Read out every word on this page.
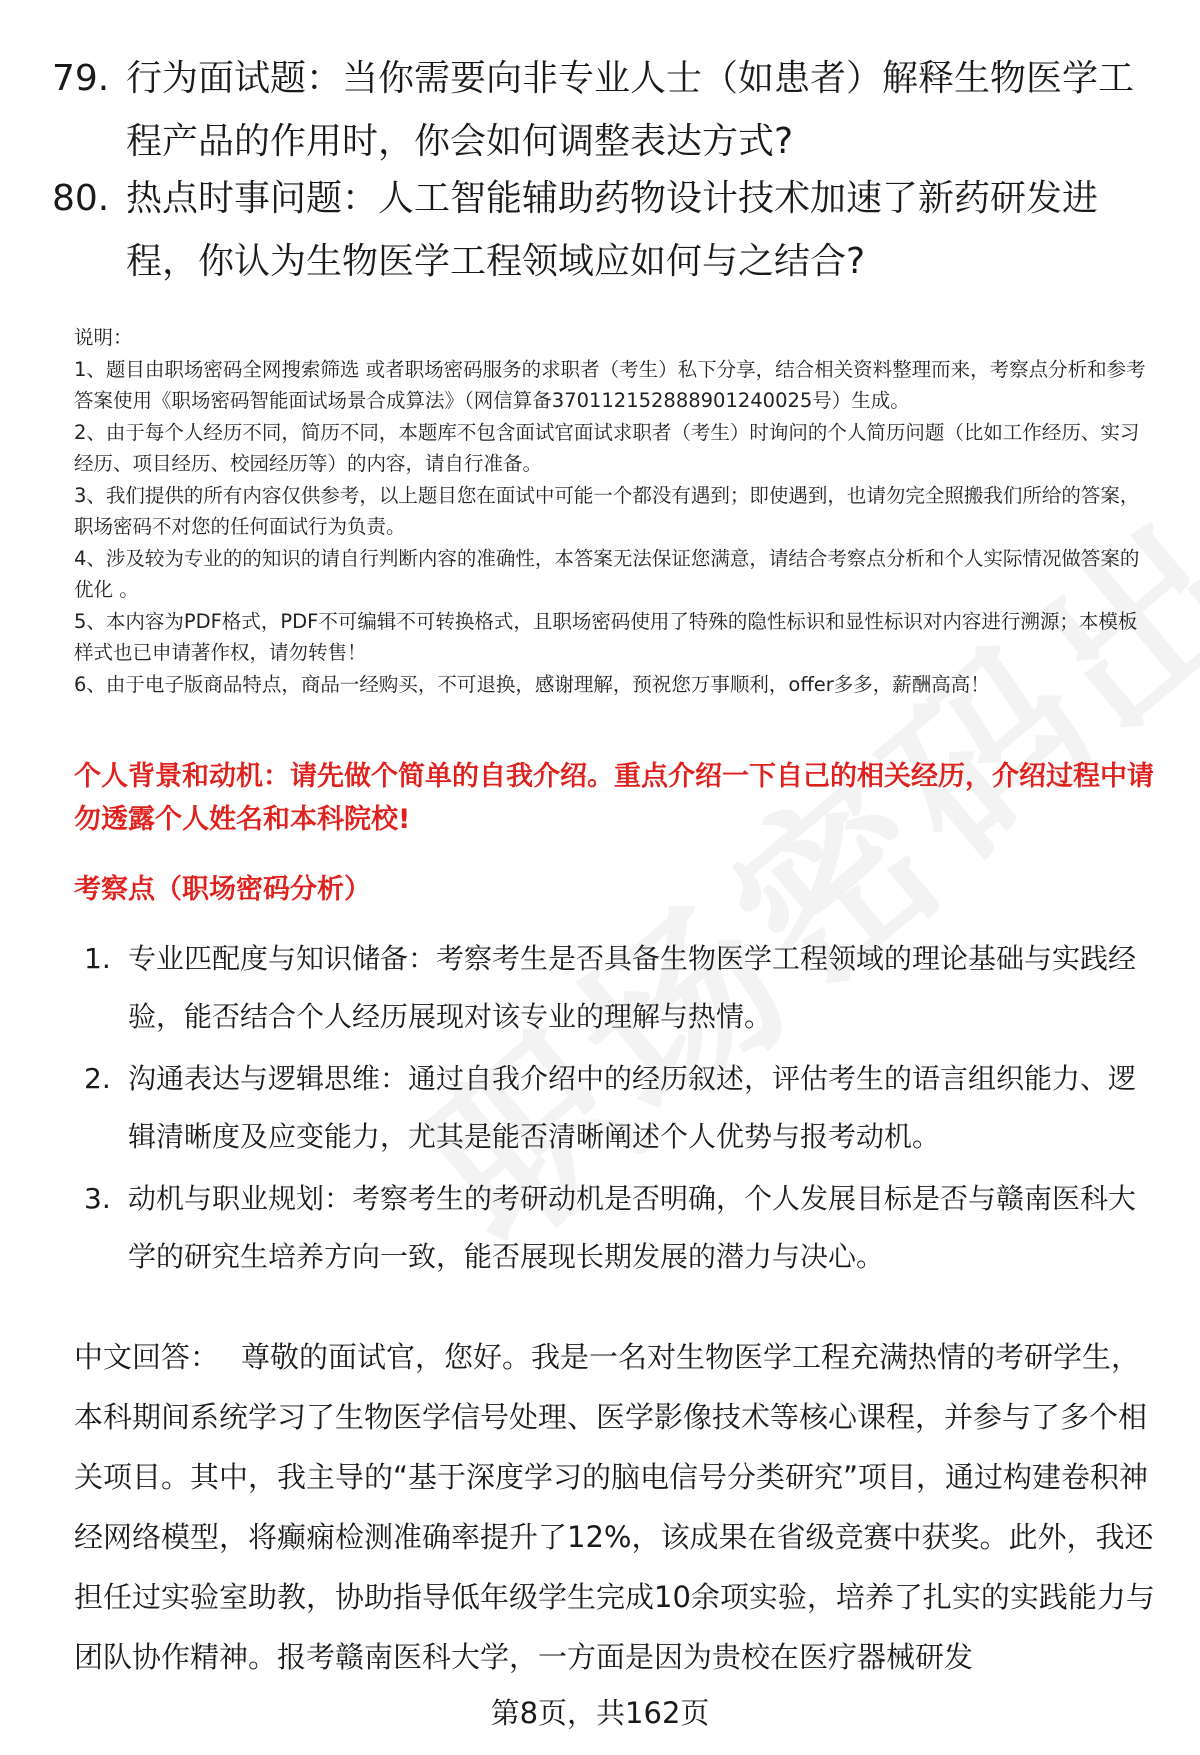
79. 行为面试题：当你需要向非专业人士（如患者）解释生物医学工程产品的作用时，你会如何调整表达方式?
80. 热点时事问题：人工智能辅助药物设计技术加速了新药研发进程，你认为生物医学工程领域应如何与之结合?
说明：
1、题目由职场密码全网搜索筛选 或者职场密码服务的求职者（考生）私下分享，结合相关资料整理而来，考察点分析和参考答案使用《职场密码智能面试场景合成算法》（网信算备370112152888901240025号）生成。
2、由于每个人经历不同，简历不同，本题库不包含面试官面试求职者（考生）时询问的个人简历问题（比如工作经历、实习经历、项目经历、校园经历等）的内容，请自行准备。
3、我们提供的所有内容仅供参考，以上题目您在面试中可能一个都没有遇到；即使遇到，也请勿完全照搬我们所给的答案，职场密码不对您的任何面试行为负责。
4、涉及较为专业的的知识的请自行判断内容的准确性，本答案无法保证您满意，请结合考察点分析和个人实际情况做答案的优化 。
5、本内容为PDF格式，PDF不可编辑不可转换格式，且职场密码使用了特殊的隐性标识和显性标识对内容进行溯源；本模板样式也已申请著作权，请勿转售！
6、由于电子版商品特点，商品一经购买，不可退换，感谢理解，预祝您万事顺利，offer多多，薪酬高高！
个人背景和动机：请先做个简单的自我介绍。重点介绍一下自己的相关经历，介绍过程中请勿透露个人姓名和本科院校!
考察点（职场密码分析）
1. 专业匹配度与知识储备：考察考生是否具备生物医学工程领域的理论基础与实践经验，能否结合个人经历展现对该专业的理解与热情。
2. 沟通表达与逻辑思维：通过自我介绍中的经历叙述，评估考生的语言组织能力、逻辑清晰度及应变能力，尤其是能否清晰阐述个人优势与报考动机。
3. 动机与职业规划：考察考生的考研动机是否明确，个人发展目标是否与赣南医科大学的研究生培养方向一致，能否展现长期发展的潜力与决心。
中文回答： 尊敬的面试官，您好。我是一名对生物医学工程充满热情的考研学生，本科期间系统学习了生物医学信号处理、医学影像技术等核心课程，并参与了多个相关项目。其中，我主导的“基于深度学习的脑电信号分类研究”项目，通过构建卷积神经网络模型，将癫痫检测准确率提升了12%，该成果在省级竞赛中获奖。此外，我还担任过实验室助教，协助指导低年级学生完成10余项实验，培养了扎实的实践能力与团队协作精神。报考赣南医科大学，一方面是因为贵校在医疗器械研发
第8页，共162页
